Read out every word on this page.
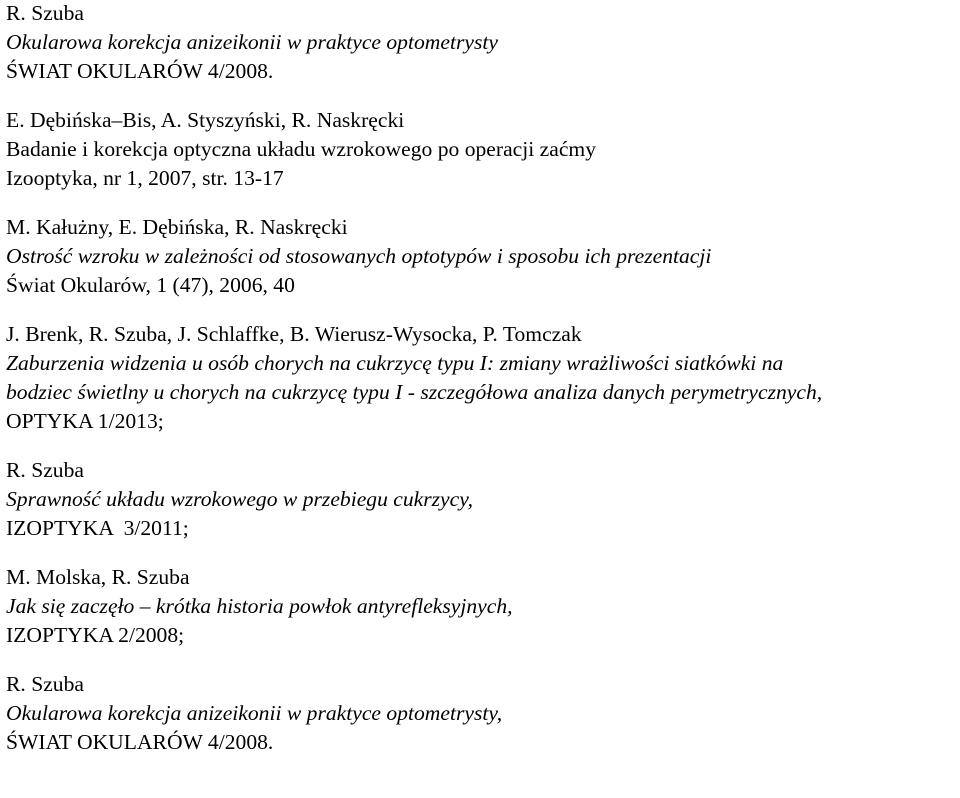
R. Szuba
Okularowa korekcja anizeikonii w praktyce optometrysty
ŚWIAT OKULARÓW 4/2008.
E. Dębińska–Bis, A. Styszyński, R. Naskręcki
Badanie i korekcja optyczna układu wzrokowego po operacji zaćmy
Izooptyka, nr 1, 2007, str. 13-17
M. Kałużny, E. Dębińska, R. Naskręcki
Ostrość wzroku w zależności od stosowanych optotypów i sposobu ich prezentacji
Świat Okularów, 1 (47), 2006, 40
J. Brenk, R. Szuba, J. Schlaffke, B. Wierusz-Wysocka, P. Tomczak
Zaburzenia widzenia u osób chorych na cukrzycę typu I: zmiany wrażliwości siatkówki na
bodziec świetlny u chorych na cukrzycę typu I - szczegółowa analiza danych perymetrycznych,
OPTYKA 1/2013;
R. Szuba
Sprawność układu wzrokowego w przebiegu cukrzycy,
IZOPTYKA  3/2011;
M. Molska, R. Szuba
Jak się zaczęło – krótka historia powłok antyrefleksyjnych,
IZOPTYKA 2/2008;
R. Szuba
Okularowa korekcja anizeikonii w praktyce optometrysty,
ŚWIAT OKULARÓW 4/2008.
